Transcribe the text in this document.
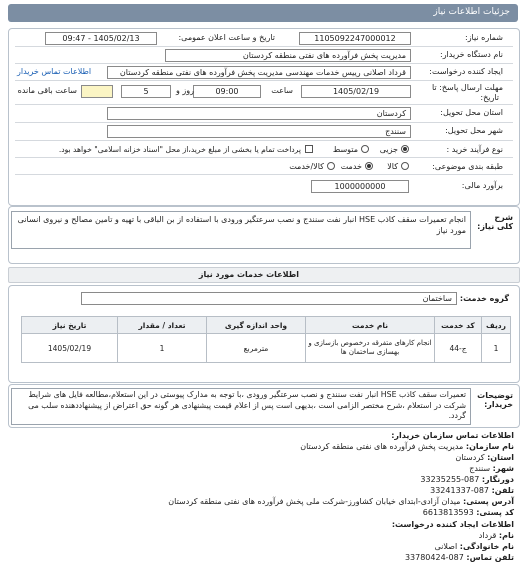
جزئیات اطلاعات نیاز
شماره نیاز:
1105092247000012
تاریخ و ساعت اعلان عمومی:
1405/02/13 - 09:47
نام دستگاه خریدار:
مدیریت پخش فرآورده های نفتی منطقه کردستان
ایجاد کننده درخواست:
قرداد اصلانی رییس خدمات مهندسی مدیریت پخش فرآورده های نفتی منطقه کردستان
اطلاعات تماس خریدار
مهلت ارسال پاسخ: تا
تاریخ:
1405/02/19
ساعت
09:00
5	روز و
ساعت باقی مانده
استان محل تحویل:
کردستان
شهر محل تحویل:
سنندج
نوع فرآیند خرید :
جزیی
متوسط
پرداخت تمام یا بخشی از مبلغ خرید،از محل "اسناد خزانه اسلامی" خواهد بود.
طبقه بندی موضوعی:
کالا
خدمت
کالا/خدمت
برآورد مالی:
1000000000
شرح کلی نیاز:
انجام تعمیرات سقف کاذب HSE انبار نفت سنندج و نصب سرعتگیر ورودی با استفاده از بن الباقی با تهیه و تامین مصالح و نیروی انسانی مورد نیاز
اطلاعات خدمات مورد نیاز
گروه خدمت:
ساختمان
ردیف	کد خدمت	نام خدمت	واحد اندازه گیری	تعداد / مقدار	تاریخ نیاز
1	ج-44	انجام کارهای متفرقه درخصوص بازسازی و بهسازی ساختمان ها	مترمربع	1	1405/02/19
توضیحات خریدار:
تعمیرات سقف کاذب HSE انبار نفت سنندج و نصب سرعتگیر ورودی ،با توجه به مدارک پیوستی در این استعلام،مطالعه فایل های شرایط شرکت در استعلام ،شرح مختصر الزامی است ،بدیهی است پس از اعلام قیمت پیشنهادی هر گونه حق اعتراض از پیشنهاددهنده سلب می گردد.
اطلاعات تماس سازمان خریدار:
نام سازمان: مدیریت پخش فرآورده های نفتی منطقه کردستان
استان: کردستان
شهر: سنندج
دورنگار: 087-33235255
تلفن: 087-33241337
آدرس پستی: میدان آزادی-ابتدای خیابان کشاورز-شرکت ملی پخش فرآورده های نفتی منطقه کردستان
کد پستی: 6613813593
اطلاعات ایجاد کننده درخواست:
نام: قرداد
نام خانوادگی: اصلانی
تلفن تماس: 087-33780424
